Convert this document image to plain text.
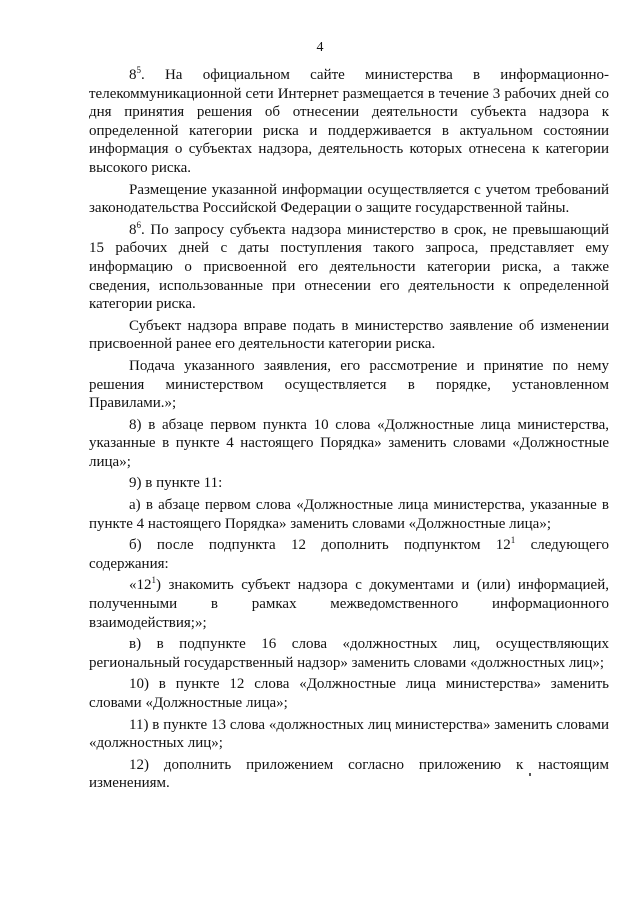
4

$8^5$. На официальном сайте министерства в информационно-телекоммуникационной сети Интернет размещается в течение 3 рабочих дней со дня принятия решения об отнесении деятельности субъекта надзора к определенной категории риска и поддерживается в актуальном состоянии информация о субъектах надзора, деятельность которых отнесена к категории высокого риска.

Размещение указанной информации осуществляется с учетом требований законодательства Российской Федерации о защите государственной тайны.

$8^6$. По запросу субъекта надзора министерство в срок, не превышающий 15 рабочих дней с даты поступления такого запроса, представляет ему информацию о присвоенной его деятельности категории риска, а также сведения, использованные при отнесении его деятельности к определенной категории риска.

Субъект надзора вправе подать в министерство заявление об изменении присвоенной ранее его деятельности категории риска.

Подача указанного заявления, его рассмотрение и принятие по нему решения министерством осуществляется в порядке, установленном Правилами.»;

8) в абзаце первом пункта 10 слова «Должностные лица министерства, указанные в пункте 4 настоящего Порядка» заменить словами «Должностные лица»;

9) в пункте 11:

а) в абзаце первом слова «Должностные лица министерства, указанные в пункте 4 настоящего Порядка» заменить словами «Должностные лица»;

б) после подпункта 12 дополнить подпунктом $12^1$ следующего содержания:

«$12^1$) знакомить субъект надзора с документами и (или) информацией, полученными в рамках межведомственного информационного взаимодействия;»;

в) в подпункте 16 слова «должностных лиц, осуществляющих региональный государственный надзор» заменить словами «должностных лиц»;

10) в пункте 12 слова «Должностные лица министерства» заменить словами «Должностные лица»;

11) в пункте 13 слова «должностных лиц министерства» заменить словами «должностных лиц»;

12) дополнить приложением согласно приложению к настоящим изменениям.
